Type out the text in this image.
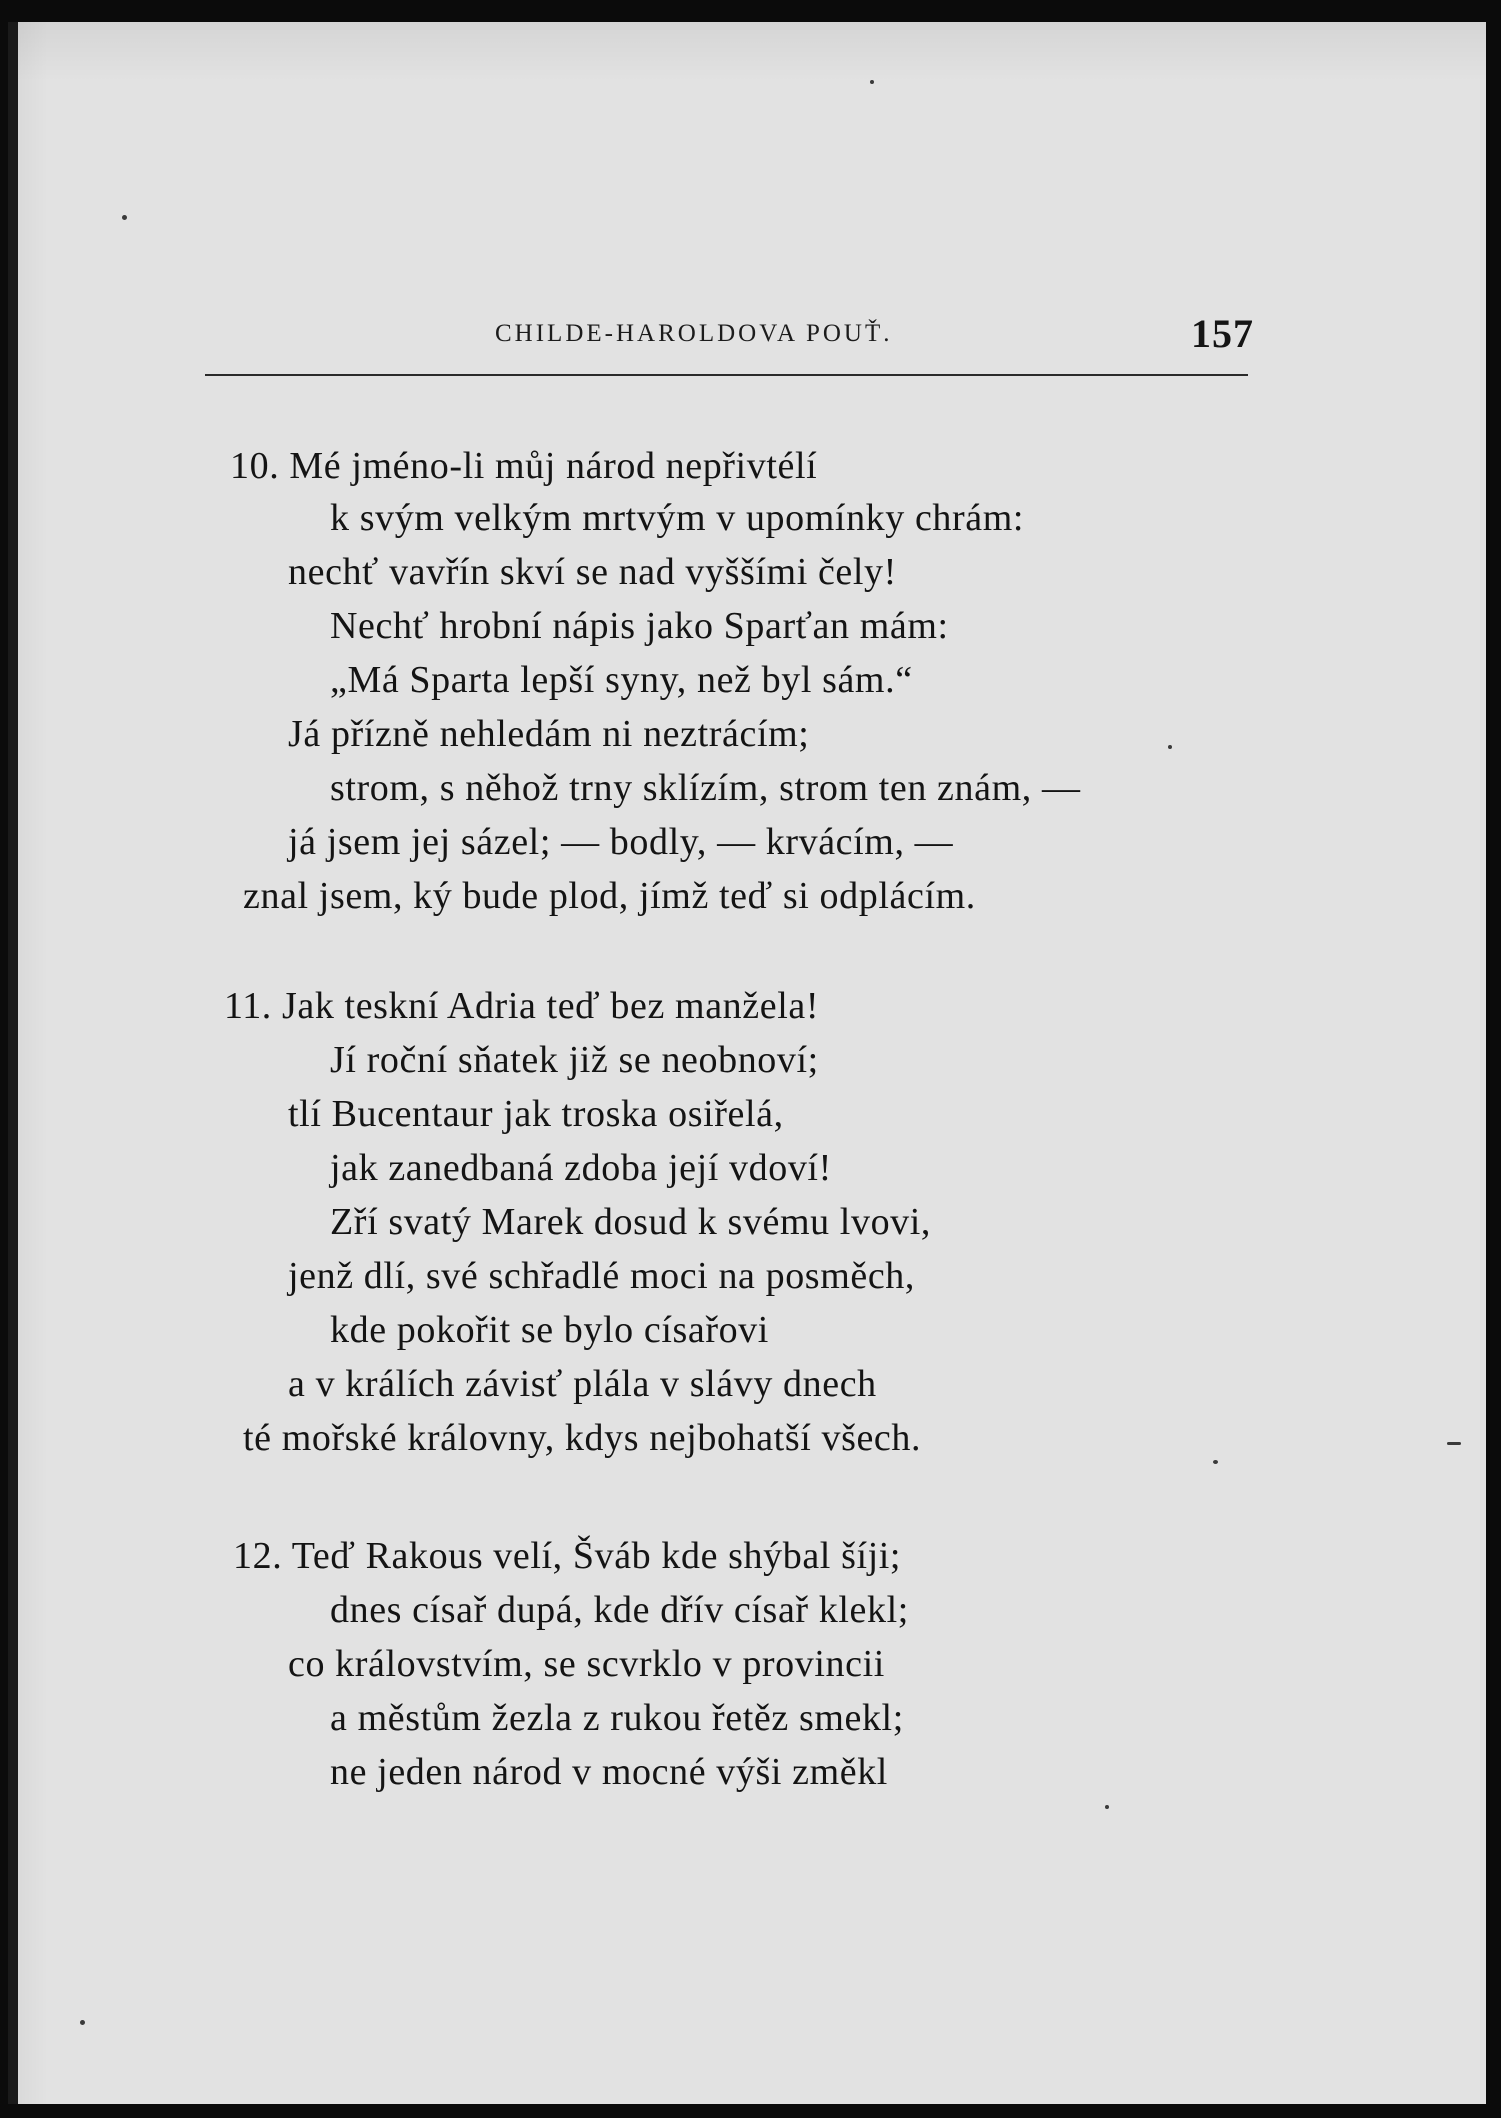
CHILDE-HAROLDOVA POUŤ.	157
10. Mé jméno-li můj národ nepřivtélí
k svým velkým mrtvým v upomínky chrám:
nechť vavřín skví se nad vyššími čely!
Nechť hrobní nápis jako Sparťan mám:
„Má Sparta lepší syny, než byl sám.“
Já přízně nehledám ni neztrácím;
strom, s něhož trny sklízím, strom ten znám, —
já jsem jej sázel; — bodly, — krvácím, —
znal jsem, ký bude plod, jímž teď si odplácím.
11. Jak teskní Adria teď bez manžela!
Jí roční sňatek již se neobnoví;
tlí Bucentaur jak troska osiřelá,
jak zanedbaná zdoba její vdoví!
Zří svatý Marek dosud k svému lvovi,
jenž dlí, své schřadlé moci na posměch,
kde pokořit se bylo císařovi
a v králích závisť plála v slávy dnech
té mořské královny, kdys nejbohatší všech.
12. Teď Rakous velí, Šváb kde shýbal šíji;
dnes císař dupá, kde dřív císař klekl;
co královstvím, se scvrklo v provincii
a městům žezla z rukou řetěz smekl;
ne jeden národ v mocné výši změkl
